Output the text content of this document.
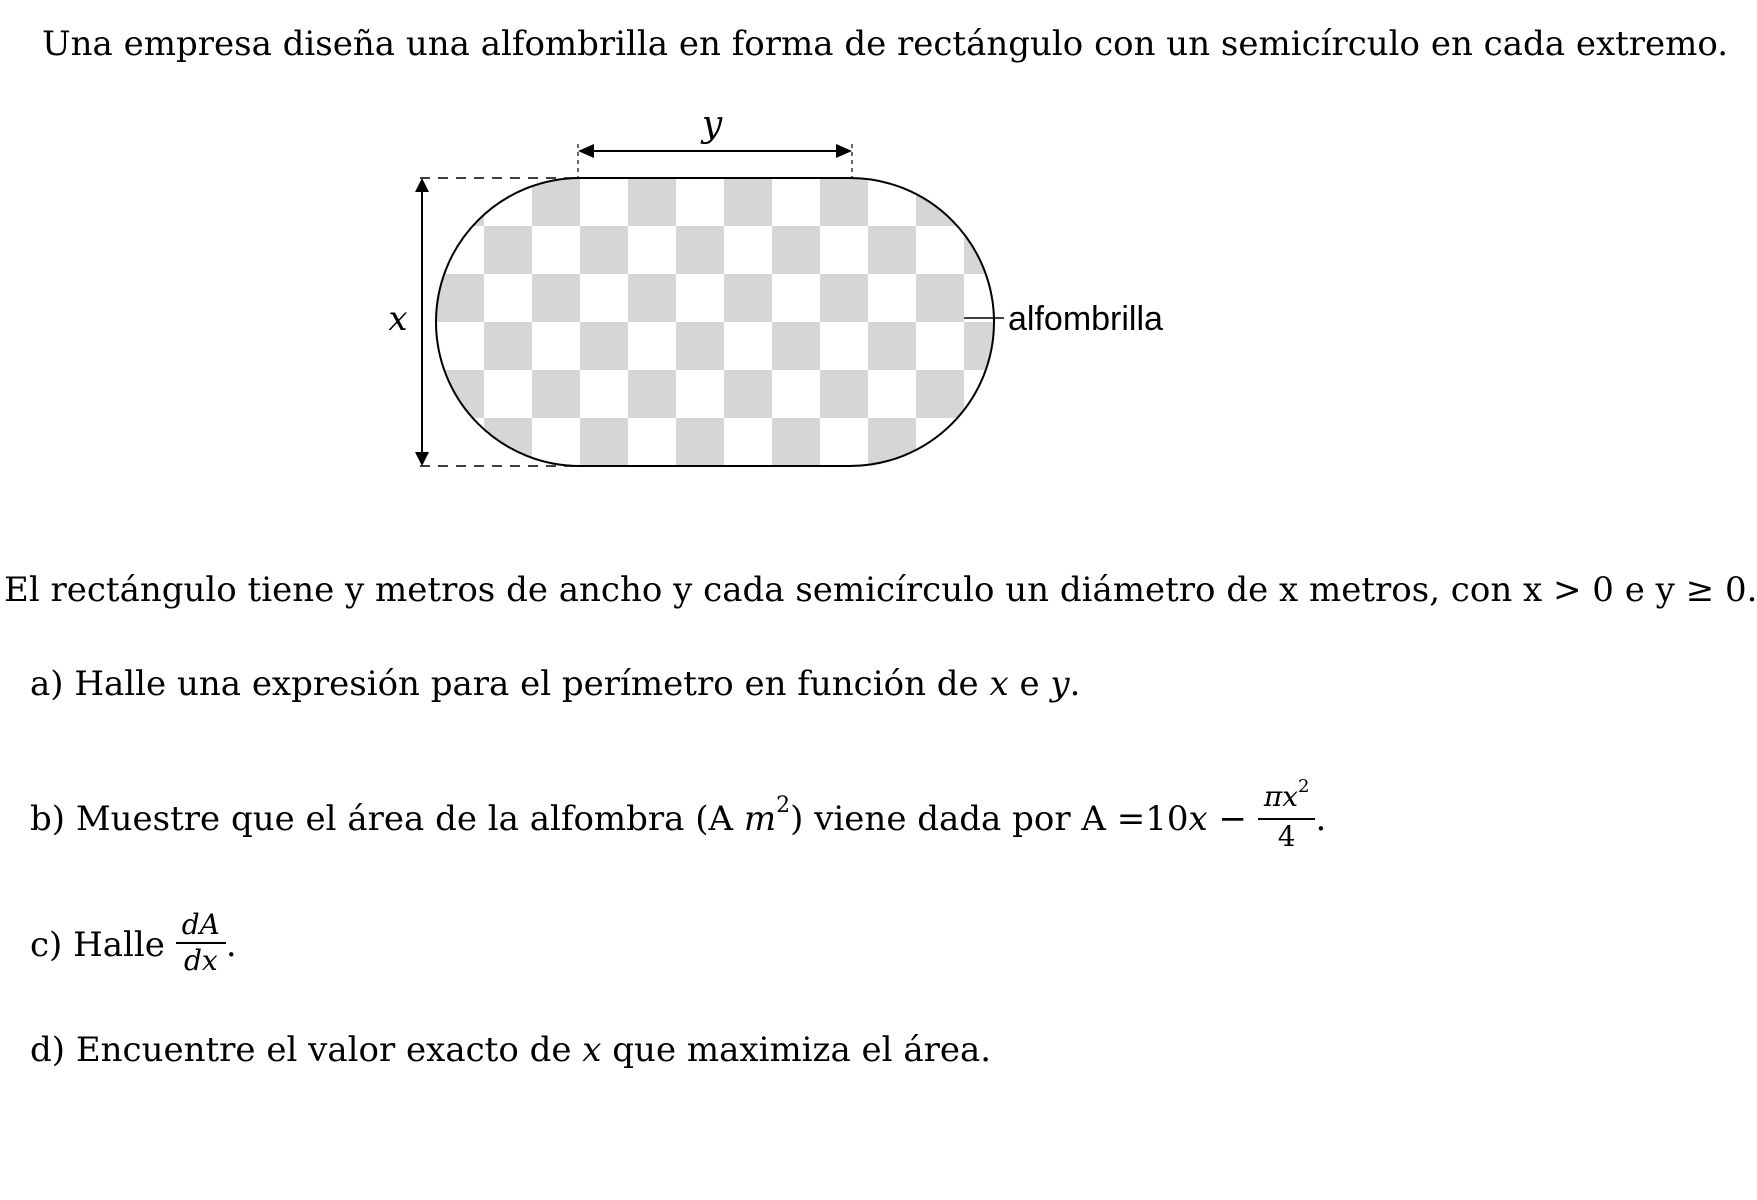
Una empresa diseña una alfombrilla en forma de rectángulo con un semicírculo en cada extremo.
y
x	alfombrilla
El rectángulo tiene y metros de ancho y cada semicírculo un diámetro de x metros, con x > 0 e y ≥ 0.
a) Halle una expresión para el perímetro en función de x e y.
b) Muestre que el área de la alfombra (A $m^2$) viene dada por $A =10x - \frac{\pi x^2}{4}$ .
c) Halle $\frac{dA}{dx}$ .
d) Encuentre el valor exacto de x que maximiza el área.
